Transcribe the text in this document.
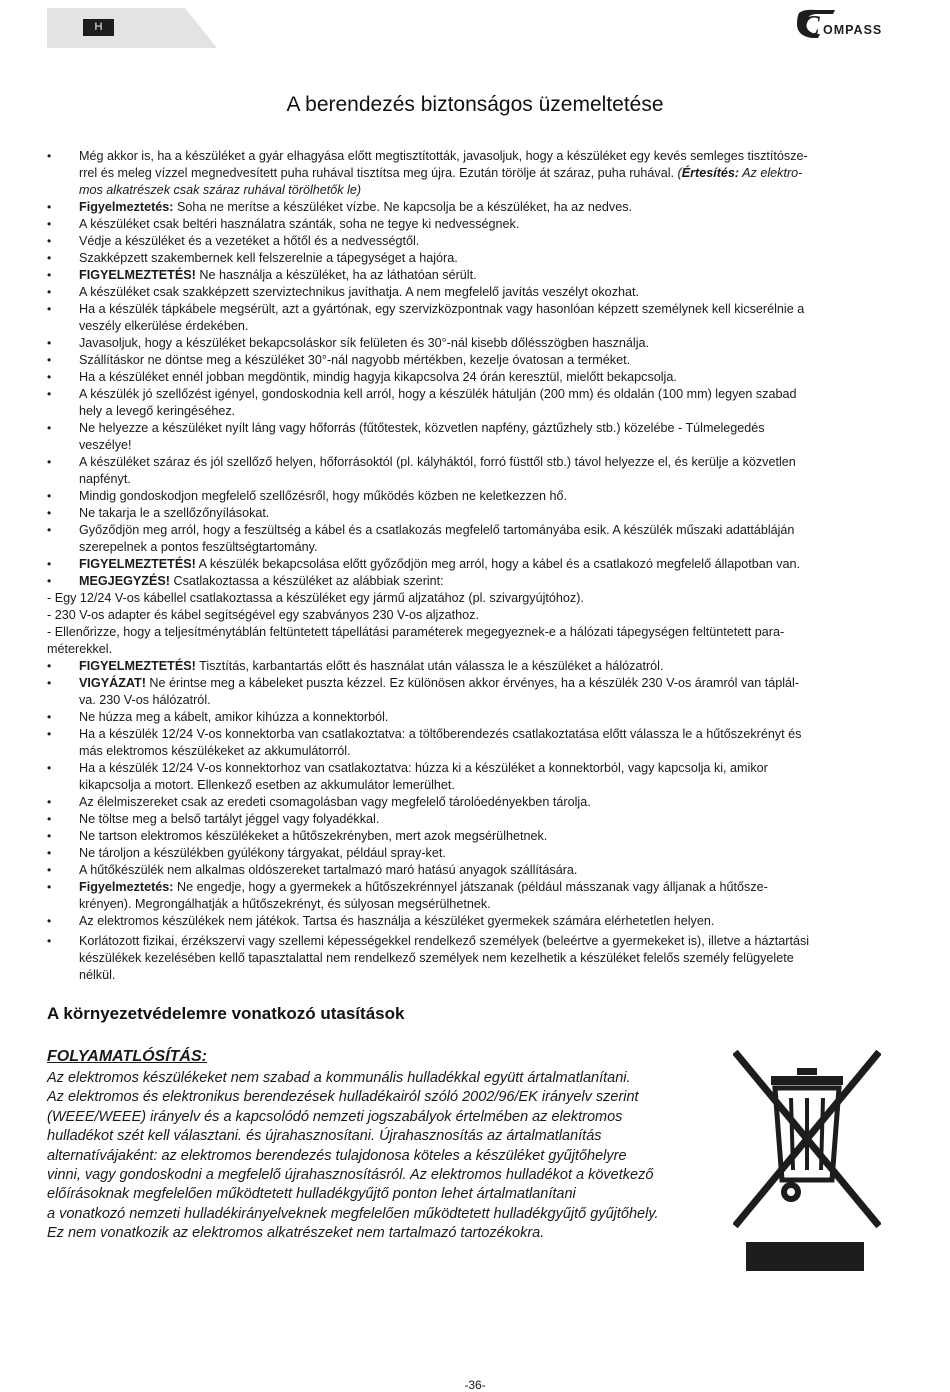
H	C OMPASS
A berendezés biztonságos üzemeltetése
• Még akkor is, ha a készüléket a gyár elhagyása előtt megtisztították, javasoljuk, hogy a készüléket egy kevés semleges tisztítósze-
rrel és meleg vízzel megnedvesített puha ruhával tisztítsa meg újra. Ezután törölje át száraz, puha ruhával. (Értesítés: Az elektro-
mos alkatrészek csak száraz ruhával törölhetők le)
• Figyelmeztetés: Soha ne merítse a készüléket vízbe. Ne kapcsolja be a készüléket, ha az nedves.
• A készüléket csak beltéri használatra szánták, soha ne tegye ki nedvességnek.
• Védje a készüléket és a vezetéket a hőtől és a nedvességtől.
• Szakképzett szakembernek kell felszerelnie a tápegységet a hajóra.
• FIGYELMEZTETÉS! Ne használja a készüléket, ha az láthatóan sérült.
• A készüléket csak szakképzett szerviztechnikus javíthatja. A nem megfelelő javítás veszélyt okozhat.
• Ha a készülék tápkábele megsérült, azt a gyártónak, egy szervizközpontnak vagy hasonlóan képzett személynek kell kicserélnie a
veszély elkerülése érdekében.
• Javasoljuk, hogy a készüléket bekapcsoláskor sík felületen és 30°-nál kisebb dőlésszögben használja.
• Szállításkor ne döntse meg a készüléket 30°-nál nagyobb mértékben, kezelje óvatosan a terméket.
• Ha a készüléket ennél jobban megdöntik, mindig hagyja kikapcsolva 24 órán keresztül, mielőtt bekapcsolja.
• A készülék jó szellőzést igényel, gondoskodnia kell arról, hogy a készülék hátulján (200 mm) és oldalán (100 mm) legyen szabad
hely a levegő keringéséhez.
• Ne helyezze a készüléket nyílt láng vagy hőforrás (fűtőtestek, közvetlen napfény, gáztűzhely stb.) közelébe - Túlmelegedés
veszélye!
• A készüléket száraz és jól szellőző helyen, hőforrásoktól (pl. kályháktól, forró füsttől stb.) távol helyezze el, és kerülje a közvetlen
napfényt.
• Mindig gondoskodjon megfelelő szellőzésről, hogy működés közben ne keletkezzen hő.
• Ne takarja le a szellőzőnyílásokat.
• Győződjön meg arról, hogy a feszültség a kábel és a csatlakozás megfelelő tartományába esik. A készülék műszaki adattábláján
szerepelnek a pontos feszültségtartomány.
• FIGYELMEZTETÉS! A készülék bekapcsolása előtt győződjön meg arról, hogy a kábel és a csatlakozó megfelelő állapotban van.
• MEGJEGYZÉS! Csatlakoztassa a készüléket az alábbiak szerint:
- Egy 12/24 V-os kábellel csatlakoztassa a készüléket egy jármű aljzatához (pl. szivargyújtóhoz).
- 230 V-os adapter és kábel segítségével egy szabványos 230 V-os aljzathoz.
- Ellenőrizze, hogy a teljesítménytáblán feltüntetett tápellátási paraméterek megegyeznek-e a hálózati tápegységen feltüntetett para-
méterekkel.
• FIGYELMEZTETÉS! Tisztítás, karbantartás előtt és használat után válassza le a készüléket a hálózatról.
• VIGYÁZAT! Ne érintse meg a kábeleket puszta kézzel. Ez különösen akkor érvényes, ha a készülék 230 V-os áramról van táplál-
va. 230 V-os hálózatról.
• Ne húzza meg a kábelt, amikor kihúzza a konnektorból.
• Ha a készülék 12/24 V-os konnektorba van csatlakoztatva: a töltőberendezés csatlakoztatása előtt válassza le a hűtőszekrényt és
más elektromos készülékeket az akkumulátorról.
• Ha a készülék 12/24 V-os konnektorhoz van csatlakoztatva: húzza ki a készüléket a konnektorból, vagy kapcsolja ki, amikor
kikapcsolja a motort. Ellenkező esetben az akkumulátor lemerülhet.
• Az élelmiszereket csak az eredeti csomagolásban vagy megfelelő tárolóedényekben tárolja.
• Ne töltse meg a belső tartályt jéggel vagy folyadékkal.
• Ne tartson elektromos készülékeket a hűtőszekrényben, mert azok megsérülhetnek.
• Ne tároljon a készülékben gyúlékony tárgyakat, például spray-ket.
• A hűtőkészülék nem alkalmas oldószereket tartalmazó maró hatású anyagok szállítására.
• Figyelmeztetés: Ne engedje, hogy a gyermekek a hűtőszekrénnyel játszanak (például másszanak vagy álljanak a hűtősze-
krényen). Megrongálhatják a hűtőszekrényt, és súlyosan megsérülhetnek.
• Az elektromos készülékek nem játékok. Tartsa és használja a készüléket gyermekek számára elérhetetlen helyen.
• Korlátozott fizikai, érzékszervi vagy szellemi képességekkel rendelkező személyek (beleértve a gyermekeket is), illetve a háztartási
készülékek kezelésében kellő tapasztalattal nem rendelkező személyek nem kezelhetik a készüléket felelős személy felügyelete
nélkül.
A környezetvédelemre vonatkozó utasítások
FOLYAMATLÓSÍTÁS:
Az elektromos készülékeket nem szabad a kommunális hulladékkal együtt ártalmatlanítani.
Az elektromos és elektronikus berendezések hulladékairól szóló 2002/96/EK irányelv szerint
(WEEE/WEEE) irányelv és a kapcsolódó nemzeti jogszabályok értelmében az elektromos
hulladékot szét kell választani. és újrahasznosítani. Újrahasznosítás az ártalmatlanítás
alternatívájaként: az elektromos berendezés tulajdonosa köteles a készüléket gyűjtőhelyre
vinni, vagy gondoskodni a megfelelő újrahasznosításról. Az elektromos hulladékot a következő
előírásoknak megfelelően működtetett hulladékgyűjtő ponton lehet ártalmatlanítani
a vonatkozó nemzeti hulladékirányelveknek megfelelően működtetett hulladékgyűjtő gyűjtőhely.
Ez nem vonatkozik az elektromos alkatrészeket nem tartalmazó tartozékokra.
-36-
